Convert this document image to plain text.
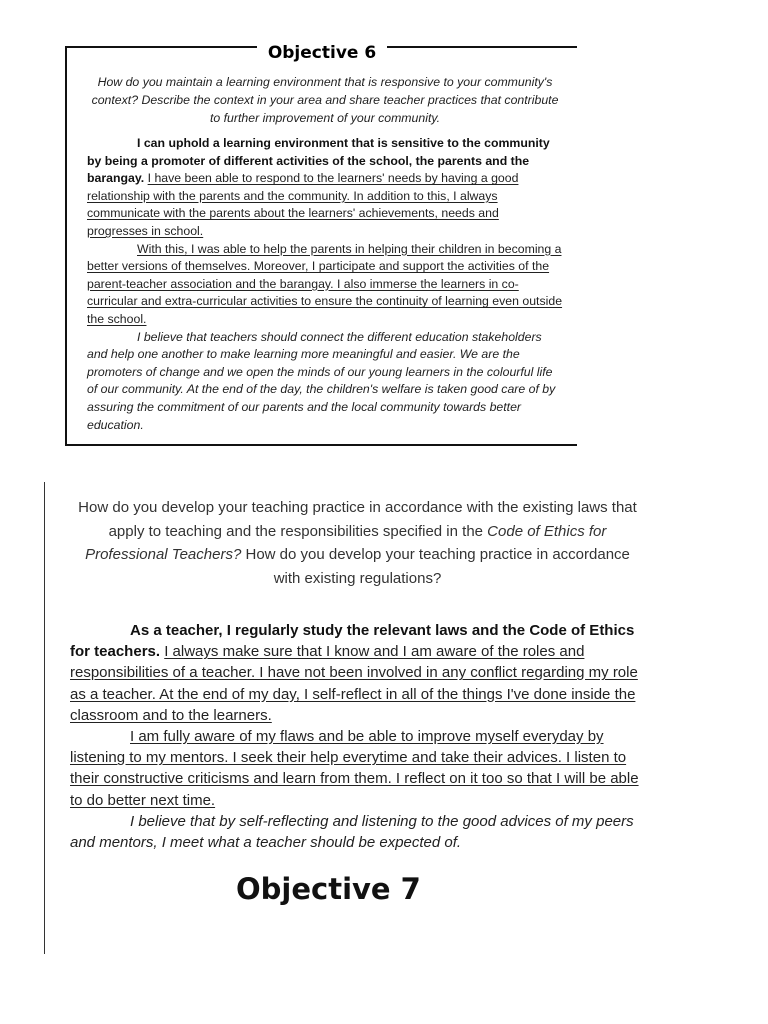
Objective 6
How do you maintain a learning environment that is responsive to your community's context? Describe the context in your area and share teacher practices that contribute to further improvement of your community.

I can uphold a learning environment that is sensitive to the community by being a promoter of different activities of the school, the parents and the barangay. I have been able to respond to the learners' needs by having a good relationship with the parents and the community. In addition to this, I always communicate with the parents about the learners' achievements, needs and progresses in school.

With this, I was able to help the parents in helping their children in becoming a better versions of themselves. Moreover, I participate and support the activities of the parent-teacher association and the barangay. I also immerse the learners in co-curricular and extra-curricular activities to ensure the continuity of learning even outside the school.

I believe that teachers should connect the different education stakeholders and help one another to make learning more meaningful and easier. We are the promoters of change and we open the minds of our young learners in the colourful life of our community. At the end of the day, the children's welfare is taken good care of by assuring the commitment of our parents and the local community towards better education.

How do you develop your teaching practice in accordance with the existing laws that apply to teaching and the responsibilities specified in the Code of Ethics for Professional Teachers? How do you develop your teaching practice in accordance with existing regulations?

As a teacher, I regularly study the relevant laws and the Code of Ethics for teachers. I always make sure that I know and I am aware of the roles and responsibilities of a teacher. I have not been involved in any conflict regarding my role as a teacher. At the end of my day, I self-reflect in all of the things I've done inside the classroom and to the learners.

I am fully aware of my flaws and be able to improve myself everyday by listening to my mentors. I seek their help everytime and take their advices. I listen to their constructive criticisms and learn from them. I reflect on it too so that I will be able to do better next time.

I believe that by self-reflecting and listening to the good advices of my peers and mentors, I meet what a teacher should be expected of.

Objective 7
